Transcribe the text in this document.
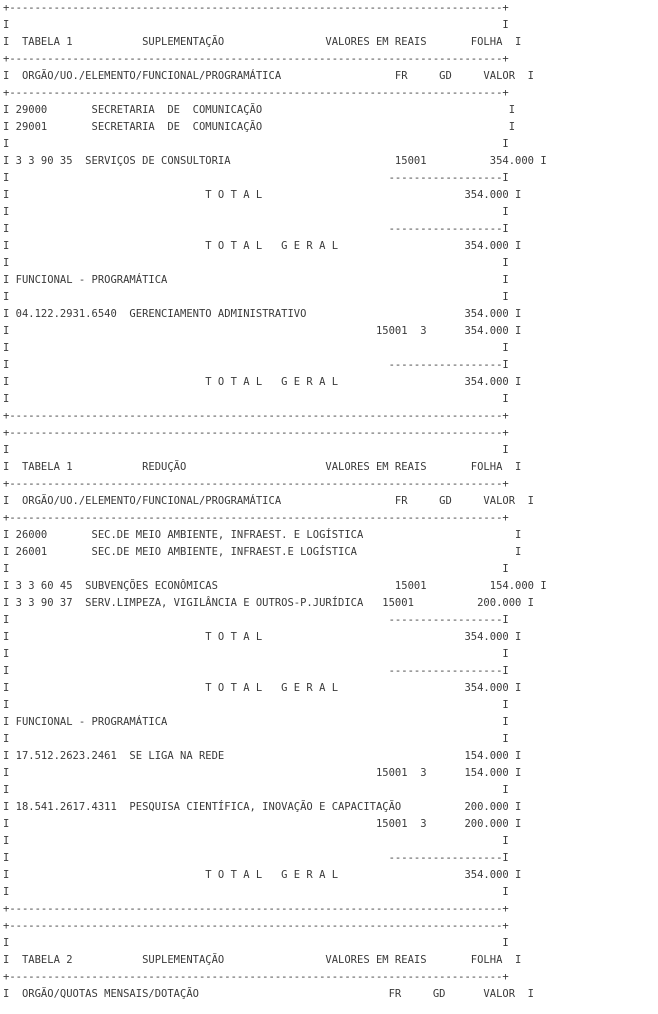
+------------------------------------------------------------------------------+
I                                                                              I
I  TABELA 1           SUPLEMENTAÇÃO                VALORES EM REAIS       FOLHA  I
+------------------------------------------------------------------------------+
I  ORGÃO/UO./ELEMENTO/FUNCIONAL/PROGRAMÁTICA                  FR     GD     VALOR  I
+------------------------------------------------------------------------------+
I 29000       SECRETARIA  DE  COMUNICAÇÃO                                       I
I 29001       SECRETARIA  DE  COMUNICAÇÃO                                       I
I                                                                              I
I 3 3 90 35  SERVIÇOS DE CONSULTORIA                          15001          354.000 I
I                                                            ------------------I
I                               T O T A L                                354.000 I
I                                                                              I
I                                                            ------------------I
I                               T O T A L   G E R A L                    354.000 I
I                                                                              I
I FUNCIONAL - PROGRAMÁTICA                                                     I
I                                                                              I
I 04.122.2931.6540  GERENCIAMENTO ADMINISTRATIVO                         354.000 I
I                                                          15001  3      354.000 I
I                                                                              I
I                                                            ------------------I
I                               T O T A L   G E R A L                    354.000 I
I                                                                              I
+------------------------------------------------------------------------------+
+------------------------------------------------------------------------------+
I                                                                              I
I  TABELA 1           REDUÇÃO                      VALORES EM REAIS       FOLHA  I
+------------------------------------------------------------------------------+
I  ORGÃO/UO./ELEMENTO/FUNCIONAL/PROGRAMÁTICA                  FR     GD     VALOR  I
+------------------------------------------------------------------------------+
I 26000       SEC.DE MEIO AMBIENTE, INFRAEST. E LOGÍSTICA                        I
I 26001       SEC.DE MEIO AMBIENTE, INFRAEST.E LOGÍSTICA                         I
I                                                                              I
I 3 3 60 45  SUBVENÇÕES ECONÔMICAS                            15001          154.000 I
I 3 3 90 37  SERV.LIMPEZA, VIGILÂNCIA E OUTROS-P.JURÍDICA   15001          200.000 I
I                                                            ------------------I
I                               T O T A L                                354.000 I
I                                                                              I
I                                                            ------------------I
I                               T O T A L   G E R A L                    354.000 I
I                                                                              I
I FUNCIONAL - PROGRAMÁTICA                                                     I
I                                                                              I
I 17.512.2623.2461  SE LIGA NA REDE                                      154.000 I
I                                                          15001  3      154.000 I
I                                                                              I
I 18.541.2617.4311  PESQUISA CIENTÍFICA, INOVAÇÃO E CAPACITAÇÃO          200.000 I
I                                                          15001  3      200.000 I
I                                                                              I
I                                                            ------------------I
I                               T O T A L   G E R A L                    354.000 I
I                                                                              I
+------------------------------------------------------------------------------+
+------------------------------------------------------------------------------+
I                                                                              I
I  TABELA 2           SUPLEMENTAÇÃO                VALORES EM REAIS       FOLHA  I
+------------------------------------------------------------------------------+
I  ORGÃO/QUOTAS MENSAIS/DOTAÇÃO                              FR     GD      VALOR  I
